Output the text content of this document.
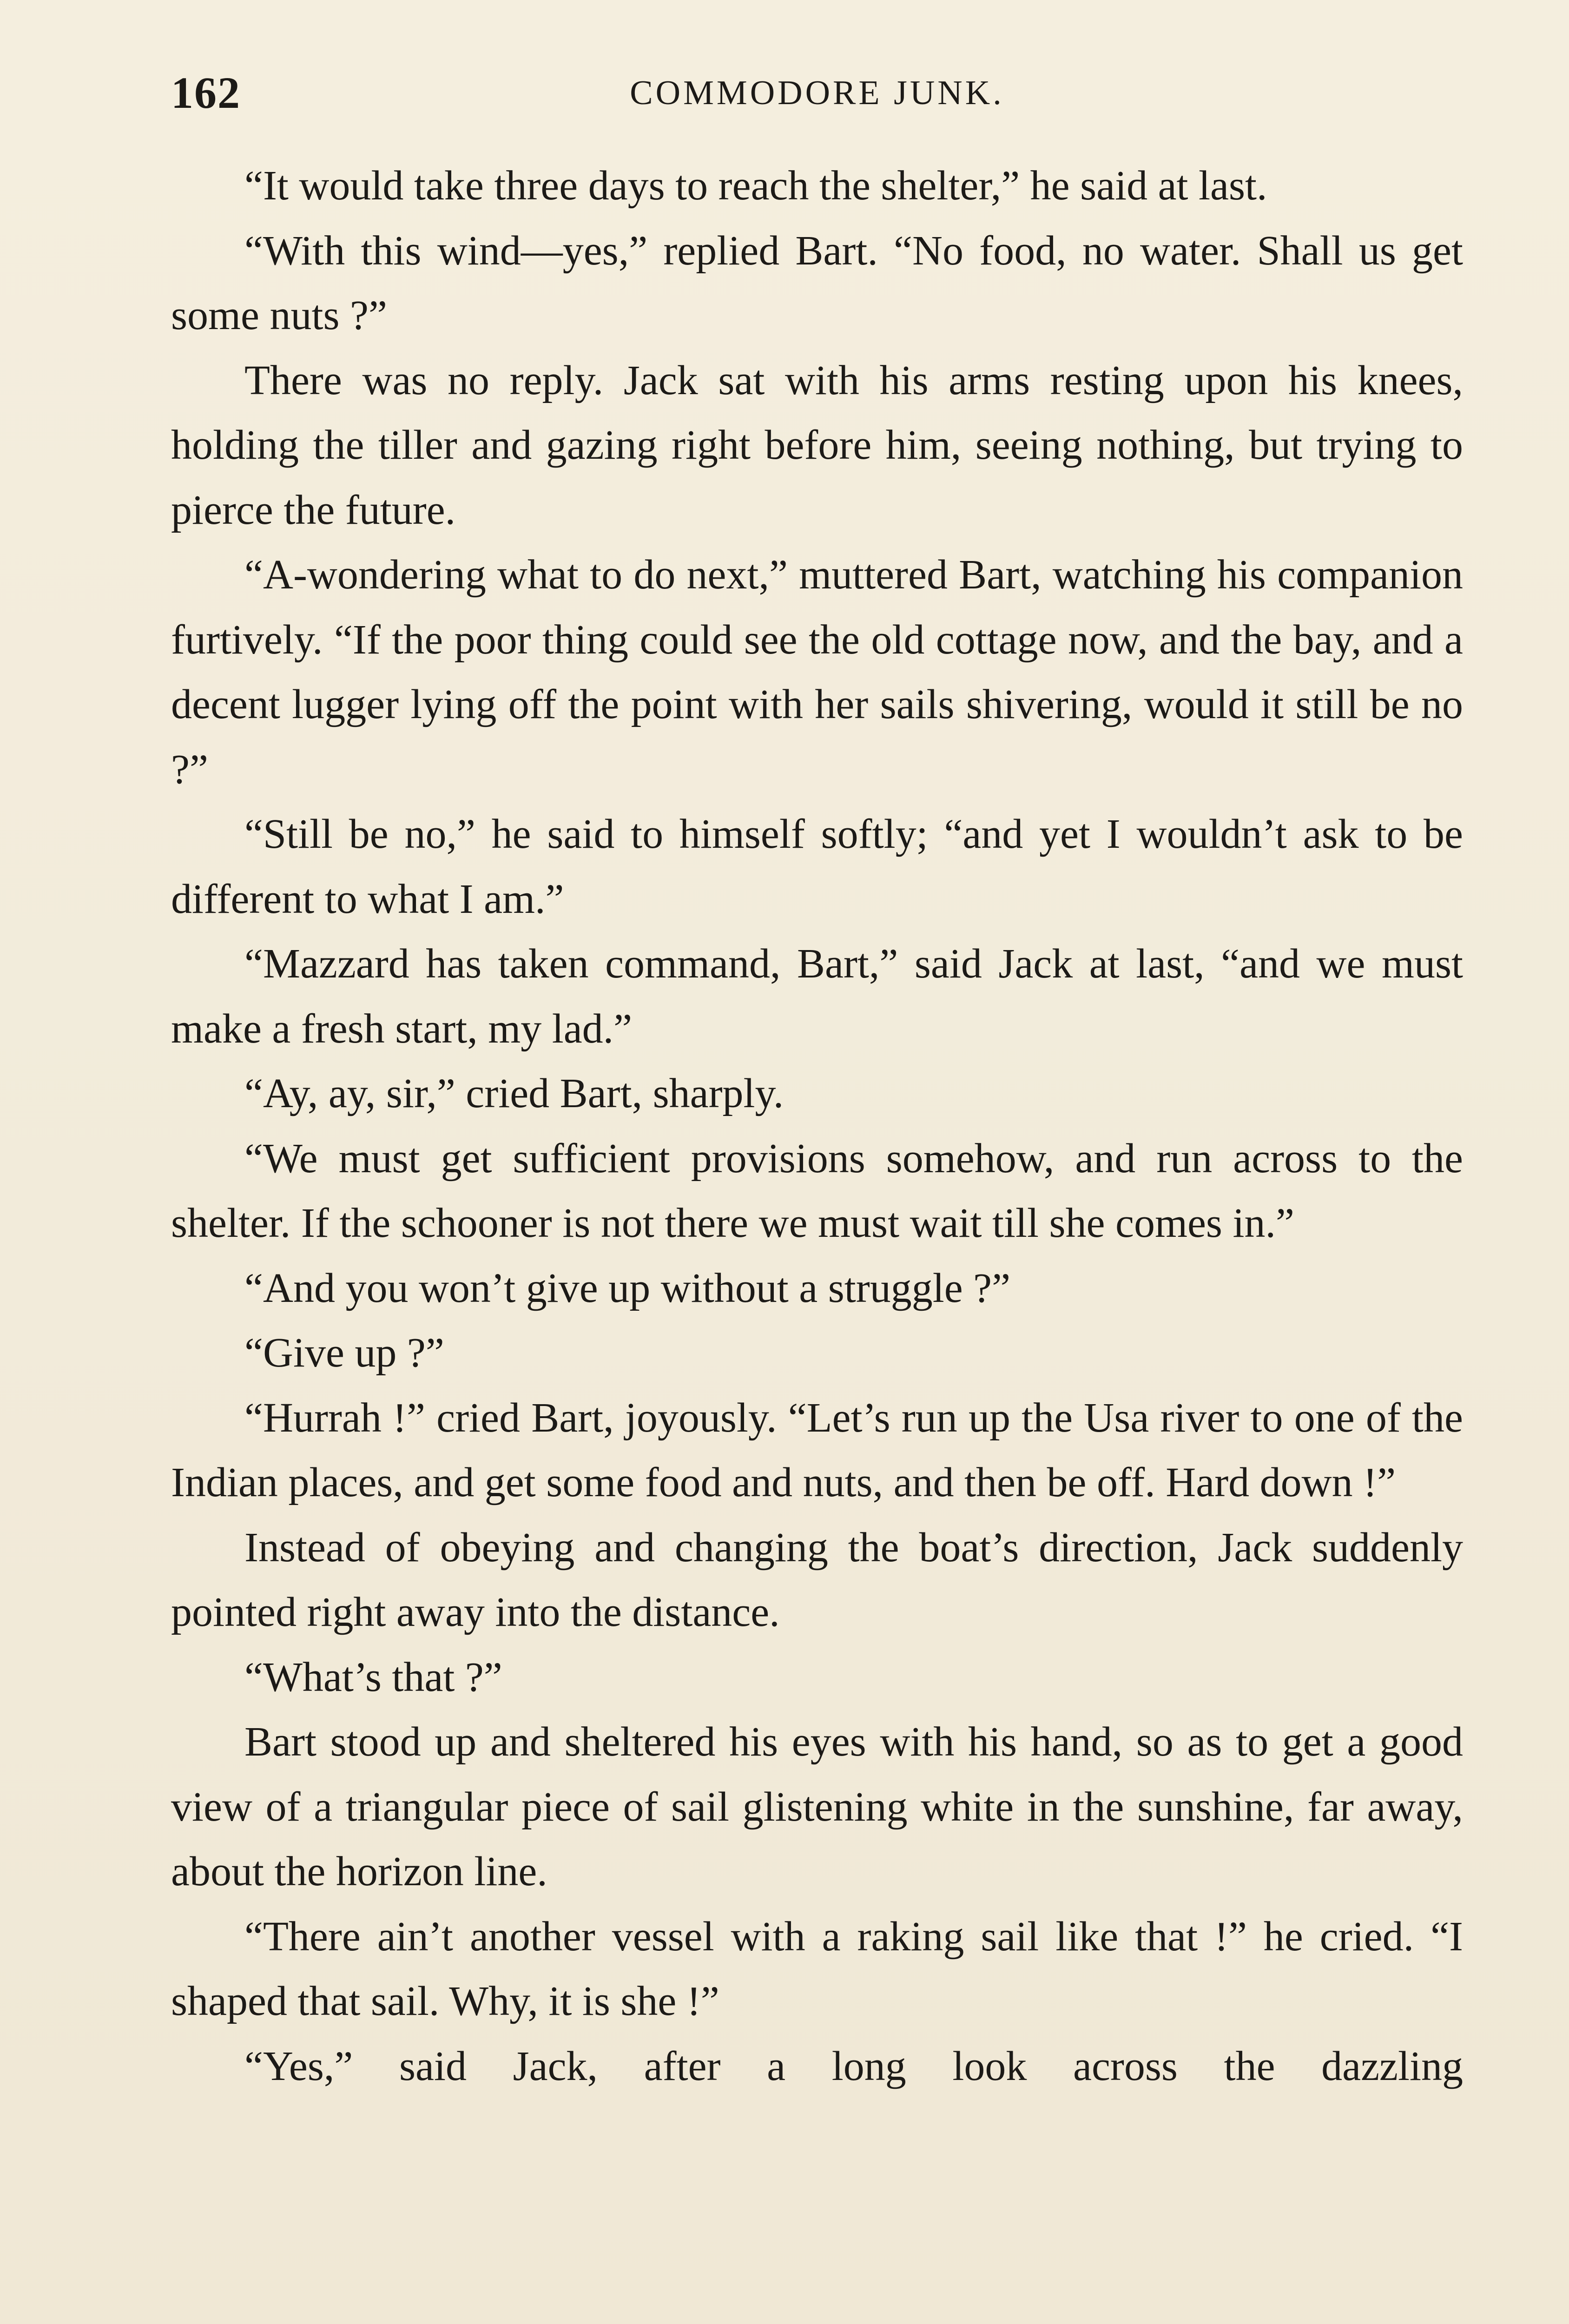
162	COMMODORE JUNK.

“It would take three days to reach the shelter,” he said at last.

“With this wind—yes,” replied Bart. “No food, no water. Shall us get some nuts ?”

There was no reply. Jack sat with his arms resting upon his knees, holding the tiller and gazing right before him, seeing nothing, but trying to pierce the future.

“A-wondering what to do next,” muttered Bart, watching his companion furtively. “If the poor thing could see the old cottage now, and the bay, and a decent lugger lying off the point with her sails shivering, would it still be no ?”

“Still be no,” he said to himself softly; “and yet I wouldn’t ask to be different to what I am.”

“Mazzard has taken command, Bart,” said Jack at last, “and we must make a fresh start, my lad.”

“Ay, ay, sir,” cried Bart, sharply.

“We must get sufficient provisions somehow, and run across to the shelter. If the schooner is not there we must wait till she comes in.”

“And you won’t give up without a struggle ?”

“Give up ?”

“Hurrah !” cried Bart, joyously. “Let’s run up the Usa river to one of the Indian places, and get some food and nuts, and then be off. Hard down !”

Instead of obeying and changing the boat’s direction, Jack suddenly pointed right away into the distance.

“What’s that ?”

Bart stood up and sheltered his eyes with his hand, so as to get a good view of a triangular piece of sail glistening white in the sunshine, far away, about the horizon line.

“There ain’t another vessel with a raking sail like that !” he cried. “I shaped that sail. Why, it is she !”

“Yes,” said Jack, after a long look across the dazzling
